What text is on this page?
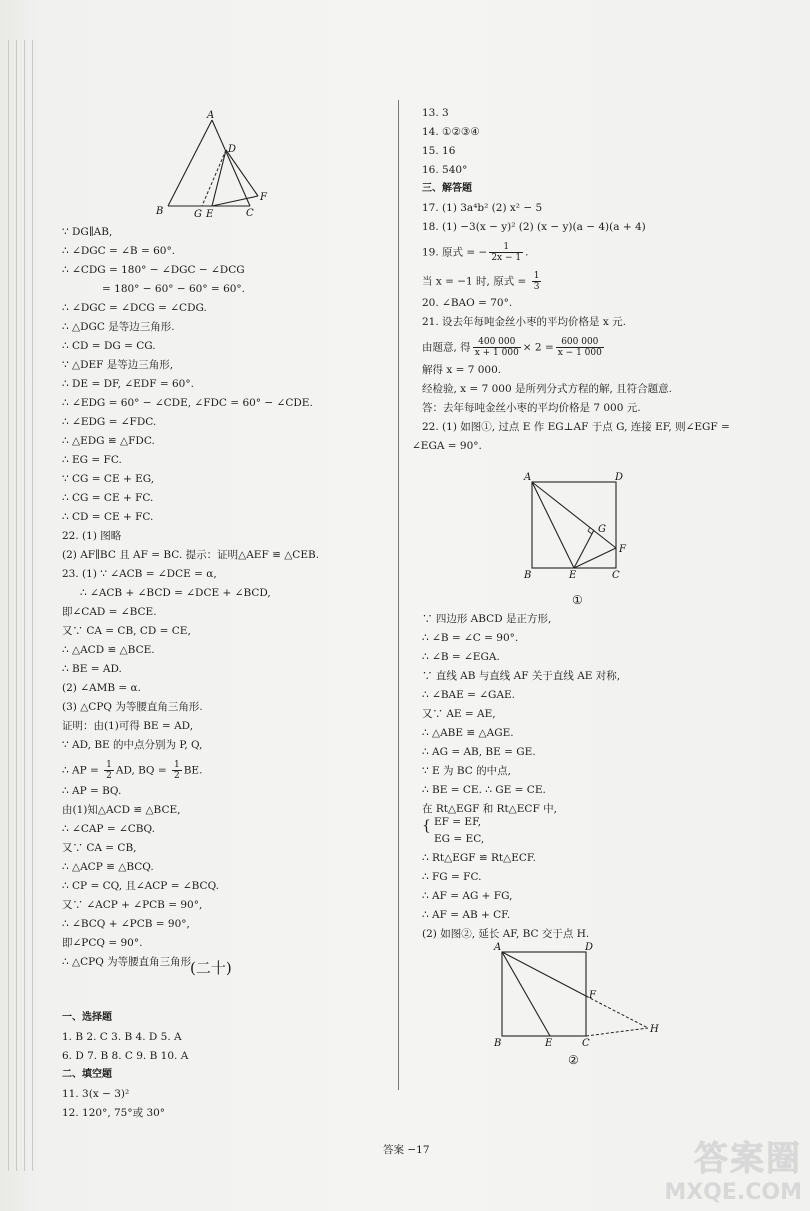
A
D
F
B	C
G E
∵ DG∥AB,
∴ ∠DGC = ∠B = 60°.
∴ ∠CDG = 180° − ∠DGC − ∠DCG
= 180° − 60° − 60° = 60°.
∴ ∠DGC = ∠DCG = ∠CDG.
∴ △DGC 是等边三角形.
∴ CD = DG = CG.
∵ △DEF 是等边三角形,
∴ DE = DF, ∠EDF = 60°.
∴ ∠EDG = 60° − ∠CDE, ∠FDC = 60° − ∠CDE.
∴ ∠EDG = ∠FDC.
∴ △EDG ≌ △FDC.
∴ EG = FC.
∵ CG = CE + EG,
∴ CG = CE + FC.
∴ CD = CE + FC.
22. (1) 图略
(2) AF∥BC 且 AF = BC. 提示：证明△AEF ≌ △CEB.
23. (1) ∵ ∠ACB = ∠DCE = α,
∴ ∠ACB + ∠BCD = ∠DCE + ∠BCD,
即∠CAD = ∠BCE.
又∵ CA = CB, CD = CE,
∴ △ACD ≌ △BCE.
∴ BE = AD.
(2) ∠AMB = α.
(3) △CPQ 为等腰直角三角形.
证明：由(1)可得 BE = AD,
∵ AD, BE 的中点分别为 P, Q,
∴ AP = $\frac{1}{2}$ AD, BQ = $\frac{1}{2}$ BE.
∴ AP = BQ.
由(1)知△ACD ≌ △BCE,
∴ ∠CAP = ∠CBQ.
又∵ CA = CB,
∴ △ACP ≌ △BCQ.
∴ CP = CQ, 且∠ACP = ∠BCQ.
又∵ ∠ACP + ∠PCB = 90°,
∴ ∠BCQ + ∠PCB = 90°,
即∠PCQ = 90°.
∴ △CPQ 为等腰直角三角形.
一、选择题
1. B 2. C 3. B 4. D 5. A
6. D 7. B 8. C 9. B 10. A
二、填空题
11. 3(x − 3)²
12. 120°, 75°或 30°
(二十)
13. 3
14. ①②③④
15. 16
16. 540°
三、解答题
17. (1) 3a⁴b² (2) x² − 5
18. (1) −3(x − y)² (2) (x − y)(a − 4)(a + 4)
19. 原式 = − $\frac{1}{2x - 1}$ .
当 x = −1 时, 原式 = $\frac{1}{3}$
20. ∠BAO = 70°.
21. 设去年每吨金丝小枣的平均价格是 x 元.
由题意, 得 $\frac{400 000}{x + 1 000} \times 2 = \frac{600 000}{x - 1 000}$
解得 x = 7 000.
经检验, x = 7 000 是所列分式方程的解, 且符合题意.
答：去年每吨金丝小枣的平均价格是 7 000 元.
22. (1) 如图①, 过点 E 作 EG⊥AF 于点 G, 连接 EF, 则∠EGF =
∠EGA = 90°.
∵ 四边形 ABCD 是正方形,
∴ ∠B = ∠C = 90°.
∴ ∠B = ∠EGA.
∵ 直线 AB 与直线 AF 关于直线 AE 对称,
∴ ∠BAE = ∠GAE.
又∵ AE = AE,
∴ △ABE ≌ △AGE.
∴ AG = AB, BE = GE.
∵ E 为 BC 的中点,
∴ BE = CE. ∴ GE = CE.
在 Rt△EGF 和 Rt△ECF 中,
{ EF = EF,
EG = EC,
∴ Rt△EGF ≌ Rt△ECF.
∴ FG = FC.
∴ AF = AG + FG,
∴ AF = AB + CF.
(2) 如图②, 延长 AF, BC 交于点 H.
A	D
G
F
B	E	C
①
A	D
F
H
B	E	C
②
答案 −17	答案圈
MXQE.COM
